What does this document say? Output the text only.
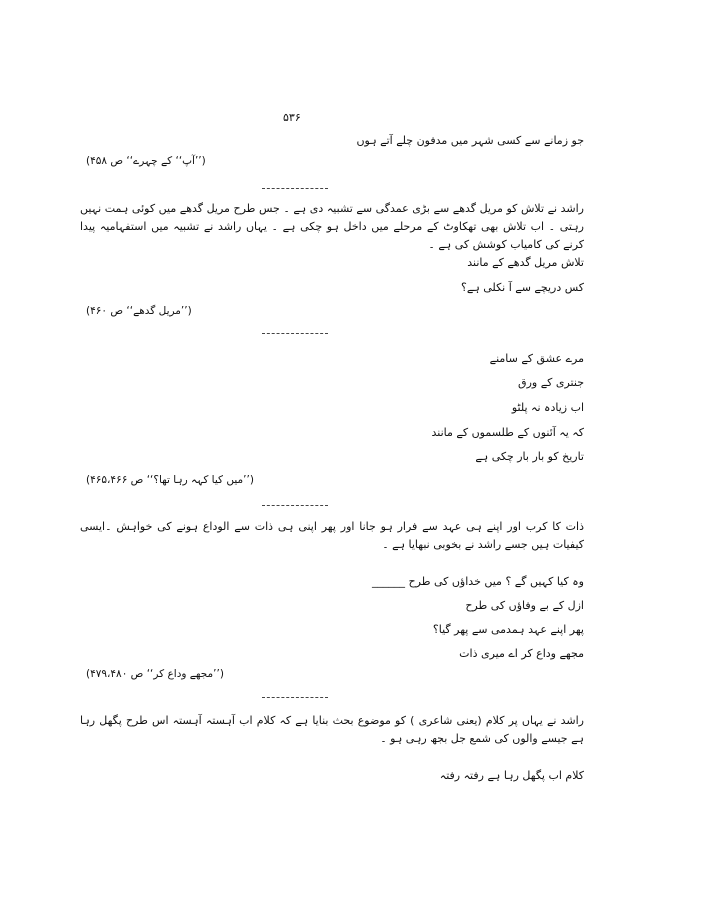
۵۳۶
جو زمانے سے کسی شہر میں مدفون چلے آتے ہوں
(’’آپ‘‘ کے چہرے‘‘ ص ۴۵۸)
راشد نے تلاش کو مریل گدھے سے بڑی عمدگی سے تشبیہ دی ہے ۔ جس طرح مریل گدھے میں کوئی ہمت نہیں رہتی ۔ اب تلاش بھی تھکاوٹ کے مرحلے میں داخل ہو چکی ہے ۔ یہاں راشد نے تشبیہ میں استفہامیہ پیدا کرنے کی کامیاب کوشش کی ہے ۔
تلاش مریل گدھے کے مانند
کس دریچے سے آ نکلی ہے؟
(’’مریل گدھے‘‘ ص ۴۶۰)
مرے عشق کے سامنے
جنتری کے ورق
اب زیادہ نہ پلٹو
کہ یہ آئنوں کے طلسموں کے مانند
تاریخ کو بار بار چکی ہے
(’’میں کیا کہہ رہا تھا؟‘‘ ص ۴۶۵،۴۶۶)
ذات کا کرب اور اپنے ہی عہد سے فرار ہو جانا اور پھر اپنی ہی ذات سے الوداع ہونے کی خواہش ۔ایسی کیفیات ہیں جسے راشد نے بخوبی نبھایا ہے ۔
وہ کیا کہیں گے ؟ میں خداؤں کی طرح ______
ازل کے بے وفاؤں کی طرح
پھر اپنے عہد ہمدمی سے پھر گیا؟
مجھے وداع کر اے میری ذات
(’’مجھے وداع کر‘‘ ص ۴۷۹،۴۸۰)
راشد نے یہاں پر کلام (یعنی شاعری ) کو موضوع بحث بنایا ہے کہ کلام اب آہستہ آہستہ اس طرح پگھل رہا ہے جیسے والوں کی شمع جل بجھ رہی ہو ۔
کلام اب پگھل رہا ہے رفتہ رفتہ
